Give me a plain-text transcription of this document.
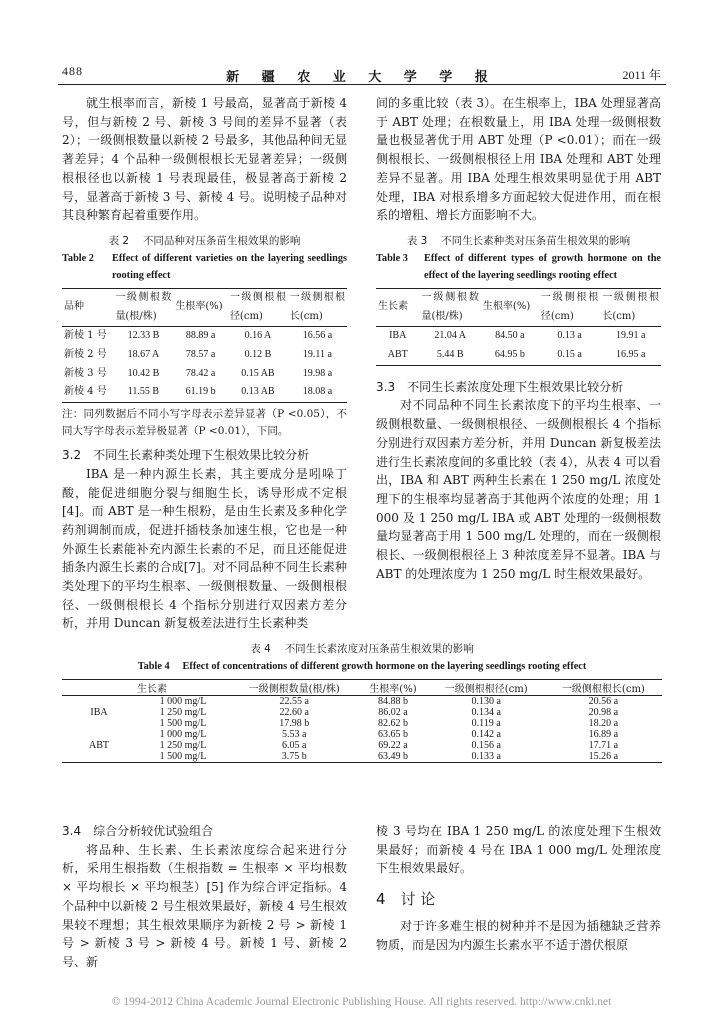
488	新 疆 农 业 大 学 学 报	2011 年

就生根率而言，新棱 1 号最高，显著高于新棱 4 号，但与新棱 2 号、新棱 3 号间的差异不显著（表 2）；一级侧根数量以新棱 2 号最多，其他品种间无显著差异；4 个品种一级侧根根长无显著差异；一级侧根根径也以新棱 1 号表现最佳，极显著高于新棱 2 号，显著高于新棱 3 号、新棱 4 号。说明棱子品种对其良种繁育起着重要作用。

表 2　 不同品种对压条苗生根效果的影响
Table 2	Effect of different varieties on the layering seedlings rooting effect
品种	一级侧根数量(根/株)	生根率(%)	一级侧根根径(cm)	一级侧根根长(cm)
新棱 1 号	12.33 B	88.89 a	0.16 A	16.56 a
新棱 2 号	18.67 A	78.57 a	0.12 B	19.11 a
新棱 3 号	10.42 B	78.42 a	0.15 AB	19.98 a
新棱 4 号	11.55 B	61.19 b	0.13 AB	18.08 a

注：同列数据后不同小写字母表示差异显著（P <0.05），不同大写字母表示差异极显著（P <0.01），下同。

3.2　不同生长素种类处理下生根效果比较分析

IBA 是一种内源生长素，其主要成分是吲哚丁酸，能促进细胞分裂与细胞生长，诱导形成不定根[4]。而 ABT 是一种生根粉，是由生长素及多种化学药剂调制而成，促进扦插枝条加速生根，它也是一种外源生长素能补充内源生长素的不足，而且还能促进插条内源生长素的合成[7]。对不同品种不同生长素种类处理下的平均生根率、一级侧根数量、一级侧根根径、一级侧根根长 4 个指标分别进行双因素方差分析，并用 Duncan 新复极差法进行生长素种类

间的多重比较（表 3）。在生根率上，IBA 处理显著高于 ABT 处理；在根数量上，用 IBA 处理一级侧根数量也极显著优于用 ABT 处理（P <0.01）；而在一级侧根根长、一级侧根根径上用 IBA 处理和 ABT 处理差异不显著。用 IBA 处理生根效果明显优于用 ABT 处理，IBA 对根系增多方面起较大促进作用，而在根系的增粗、增长方面影响不大。

表 3　 不同生长素种类对压条苗生根效果的影响
Table 3	Effect of different types of growth hormone on the effect of the layering seedlings rooting effect
生长素	一级侧根数量(根/株)	生根率(%)	一级侧根根径(cm)	一级侧根根长(cm)
IBA	21.04 A	84.50 a	0.13 a	19.91 a
ABT	5.44 B	64.95 b	0.15 a	16.95 a

3.3　不同生长素浓度处理下生根效果比较分析

对不同品种不同生长素浓度下的平均生根率、一级侧根数量、一级侧根根径、一级侧根根长 4 个指标分别进行双因素方差分析，并用 Duncan 新复极差法进行生长素浓度间的多重比较（表 4），从表 4 可以看出，IBA 和 ABT 两种生长素在 1 250 mg/L 浓度处理下的生根率均显著高于其他两个浓度的处理；用 1 000 及 1 250 mg/L IBA 或 ABT 处理的一级侧根数量均显著高于用 1 500 mg/L 处理的，而在一级侧根根长、一级侧根根径上 3 种浓度差异不显著。IBA 与 ABT 的处理浓度为 1 250 mg/L 时生根效果最好。

表 4　 不同生长素浓度对压条苗生根效果的影响
Table 4　 Effect of concentrations of different growth hormone on the layering seedlings rooting effect
生长素		一级侧根数量(根/株)	生根率(%)	一级侧根根径(cm)	一级侧根根长(cm)
IBA	1 000 mg/L	22.55 a	84.88 b	0.130 a	20.56 a
	1 250 mg/L	22.60 a	86.02 a	0.134 a	20.98 a
	1 500 mg/L	17.98 b	82.62 b	0.119 a	18.20 a
ABT	1 000 mg/L	5.53 a	63.65 b	0.142 a	16.89 a
	1 250 mg/L	6.05 a	69.22 a	0.156 a	17.71 a
	1 500 mg/L	3.75 b	63.49 b	0.133 a	15.26 a

3.4　综合分析较优试验组合

将品种、生长素、生长素浓度综合起来进行分析，采用生根指数（生根指数 = 生根率 × 平均根数 × 平均根长 × 平均根茎）[5] 作为综合评定指标。4 个品种中以新棱 2 号生根效果最好，新棱 4 号生根效果较不理想；其生根效果顺序为新棱 2 号 > 新棱 1 号 > 新棱 3 号 > 新棱 4 号。新棱 1 号、新棱 2 号、新

棱 3 号均在 IBA 1 250 mg/L 的浓度处理下生根效果最好；而新棱 4 号在 IBA 1 000 mg/L 处理浓度下生根效果最好。

4　讨 论

对于许多难生根的树种并不是因为插穗缺乏营养物质，而是因为内源生长素水平不适于潜伏根原

© 1994-2012 China Academic Journal Electronic Publishing House. All rights reserved. http://www.cnki.net
